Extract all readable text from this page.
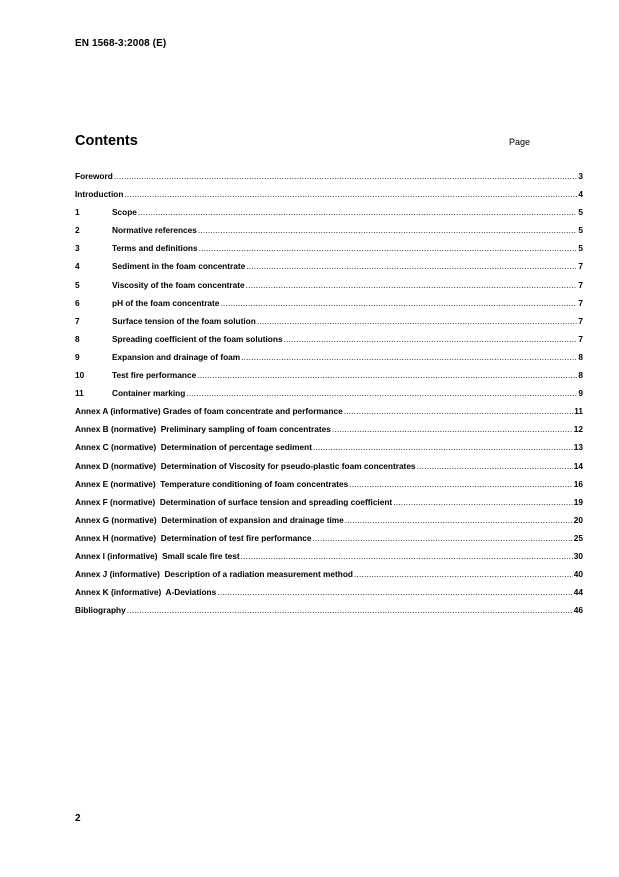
EN 1568-3:2008 (E)
Contents	Page
Foreword .....	3
Introduction .....	4
1	Scope .....	5
2	Normative references .....	5
3	Terms and definitions .....	5
4	Sediment in the foam concentrate .....	7
5	Viscosity of the foam concentrate .....	7
6	pH of the foam concentrate .....	7
7	Surface tension of the foam solution .....	7
8	Spreading coefficient of the foam solutions .....	7
9	Expansion and drainage of foam .....	8
10	Test fire performance .....	8
11	Container marking .....	9
Annex A (informative) Grades of foam concentrate and performance .....	11
Annex B (normative)  Preliminary sampling of foam concentrates .....	12
Annex C (normative)  Determination of percentage sediment .....	13
Annex D (normative)  Determination of Viscosity for pseudo-plastic foam concentrates .....	14
Annex E (normative)  Temperature conditioning of foam concentrates .....	16
Annex F (normative)  Determination of surface tension and spreading coefficient .....	19
Annex G (normative)  Determination of expansion and drainage time .....	20
Annex H (normative)  Determination of test fire performance .....	25
Annex I (informative)  Small scale fire test .....	30
Annex J (informative)  Description of a radiation measurement method .....	40
Annex K (informative)  A-Deviations .....	44
Bibliography .....	46
2
